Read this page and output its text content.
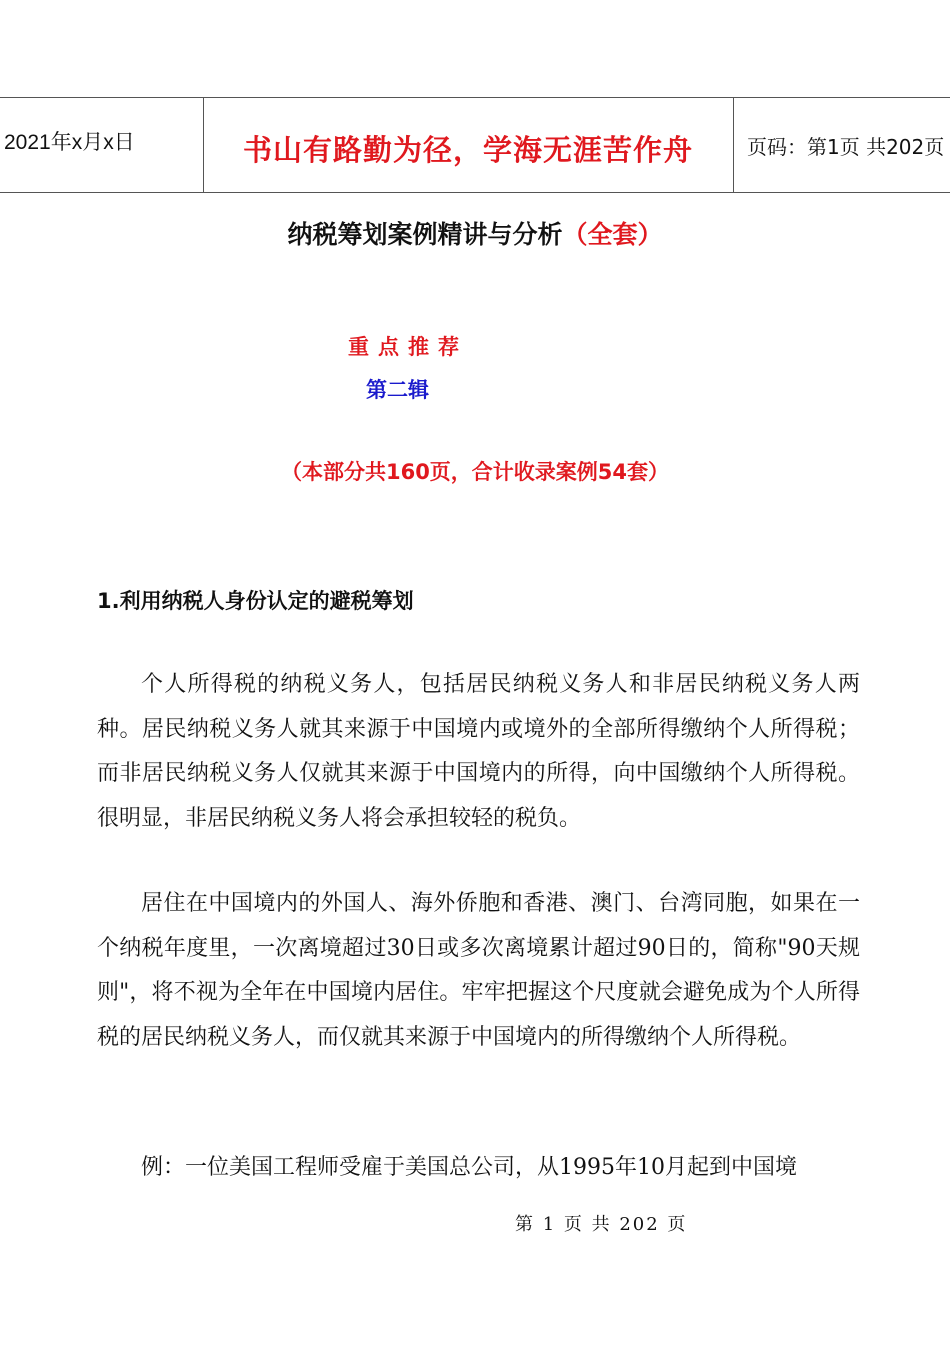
2021年x月x日	书山有路勤为径，学海无涯苦作舟	页码：第1页 共202页
纳税筹划案例精讲与分析（全套）
重点推荐
第二辑
（本部分共160页，合计收录案例54套）
1.利用纳税人身份认定的避税筹划
个人所得税的纳税义务人，包括居民纳税义务人和非居民纳税义务人两种。居民纳税义务人就其来源于中国境内或境外的全部所得缴纳个人所得税；而非居民纳税义务人仅就其来源于中国境内的所得，向中国缴纳个人所得税。很明显，非居民纳税义务人将会承担较轻的税负。
居住在中国境内的外国人、海外侨胞和香港、澳门、台湾同胞，如果在一个纳税年度里，一次离境超过30日或多次离境累计超过90日的，简称"90天规则"，将不视为全年在中国境内居住。牢牢把握这个尺度就会避免成为个人所得税的居民纳税义务人，而仅就其来源于中国境内的所得缴纳个人所得税。
例：一位美国工程师受雇于美国总公司，从1995年10月起到中国境
第 1 页 共 202 页
